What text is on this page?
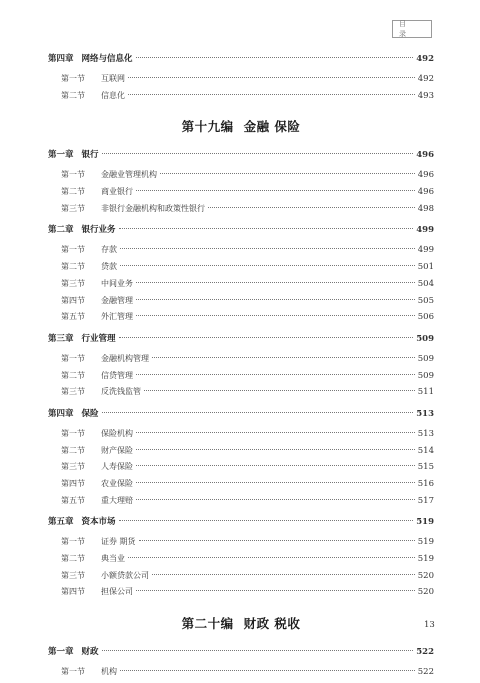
目 录
第四章 网络与信息化	492
第一节 互联网	492
第二节 信息化	493
第十九编 金融 保险
第一章 银行	496
第一节 金融业管理机构	496
第二节 商业银行	496
第三节 非银行金融机构和政策性银行	498
第二章 银行业务	499
第一节 存款	499
第二节 贷款	501
第三节 中间业务	504
第四节 金融管理	505
第五节 外汇管理	506
第三章 行业管理	509
第一节 金融机构管理	509
第二节 信贷管理	509
第三节 反洗钱监管	511
第四章 保险	513
第一节 保险机构	513
第二节 财产保险	514
第三节 人寿保险	515
第四节 农业保险	516
第五节 重大理赔	517
第五章 资本市场	519
第一节 证券 期货	519
第二节 典当业	519
第三节 小额贷款公司	520
第四节 担保公司	520
第二十编 财政 税收
第一章 财政	522
第一节 机构	522
13
